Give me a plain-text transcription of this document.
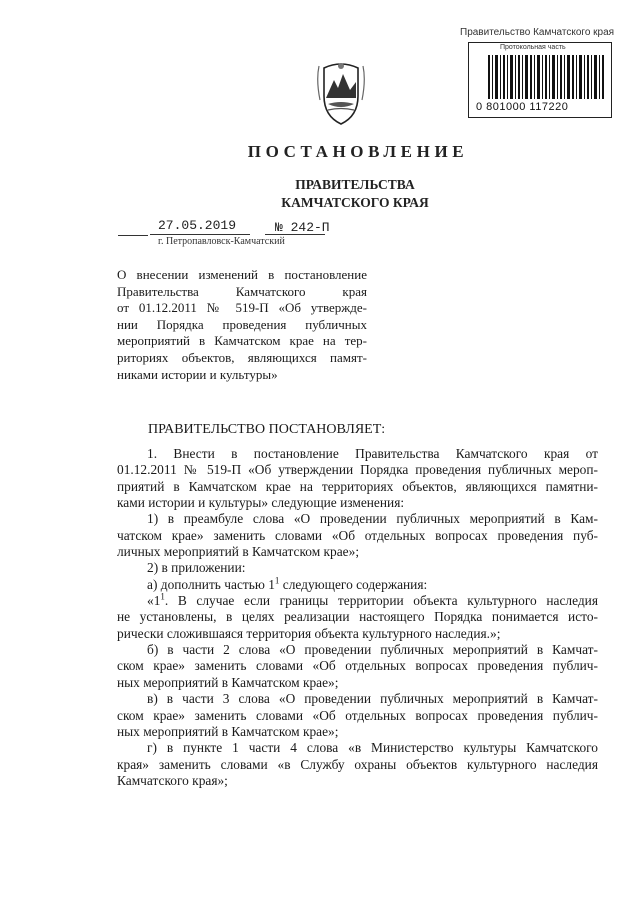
Правительство Камчатского края
Протокольная часть
0 801000 117220
ПОСТАНОВЛЕНИЕ
ПРАВИТЕЛЬСТВА
КАМЧАТСКОГО КРАЯ
27.05.2019	№ 242-П
г. Петропавловск-Камчатский
О внесении изменений в постановление
Правительства Камчатского края
от 01.12.2011 № 519-П «Об утвержде-
нии Порядка проведения публичных
мероприятий в Камчатском крае на тер-
риториях объектов, являющихся памят-
никами истории и культуры»
ПРАВИТЕЛЬСТВО ПОСТАНОВЛЯЕТ:
1. Внести в постановление Правительства Камчатского края от
01.12.2011 № 519-П «Об утверждении Порядка проведения публичных мероп-
приятий в Камчатском крае на территориях объектов, являющихся памятни-
ками истории и культуры» следующие изменения:
1) в преамбуле слова «О проведении публичных мероприятий в Кам-
чатском крае» заменить словами «Об отдельных вопросах проведения пуб-
личных мероприятий в Камчатском крае»;
2) в приложении:
а) дополнить частью $1^1$ следующего содержания:
«$1^1$. В случае если границы территории объекта культурного наследия
не установлены, в целях реализации настоящего Порядка понимается исто-
рически сложившаяся территория объекта культурного наследия.»;
б) в части 2 слова «О проведении публичных мероприятий в Камчат-
ском крае» заменить словами «Об отдельных вопросах проведения публич-
ных мероприятий в Камчатском крае»;
в) в части 3 слова «О проведении публичных мероприятий в Камчат-
ском крае» заменить словами «Об отдельных вопросах проведения публич-
ных мероприятий в Камчатском крае»;
г) в пункте 1 части 4 слова «в Министерство культуры Камчатского
края» заменить словами «в Службу охраны объектов культурного наследия
Камчатского края»;
